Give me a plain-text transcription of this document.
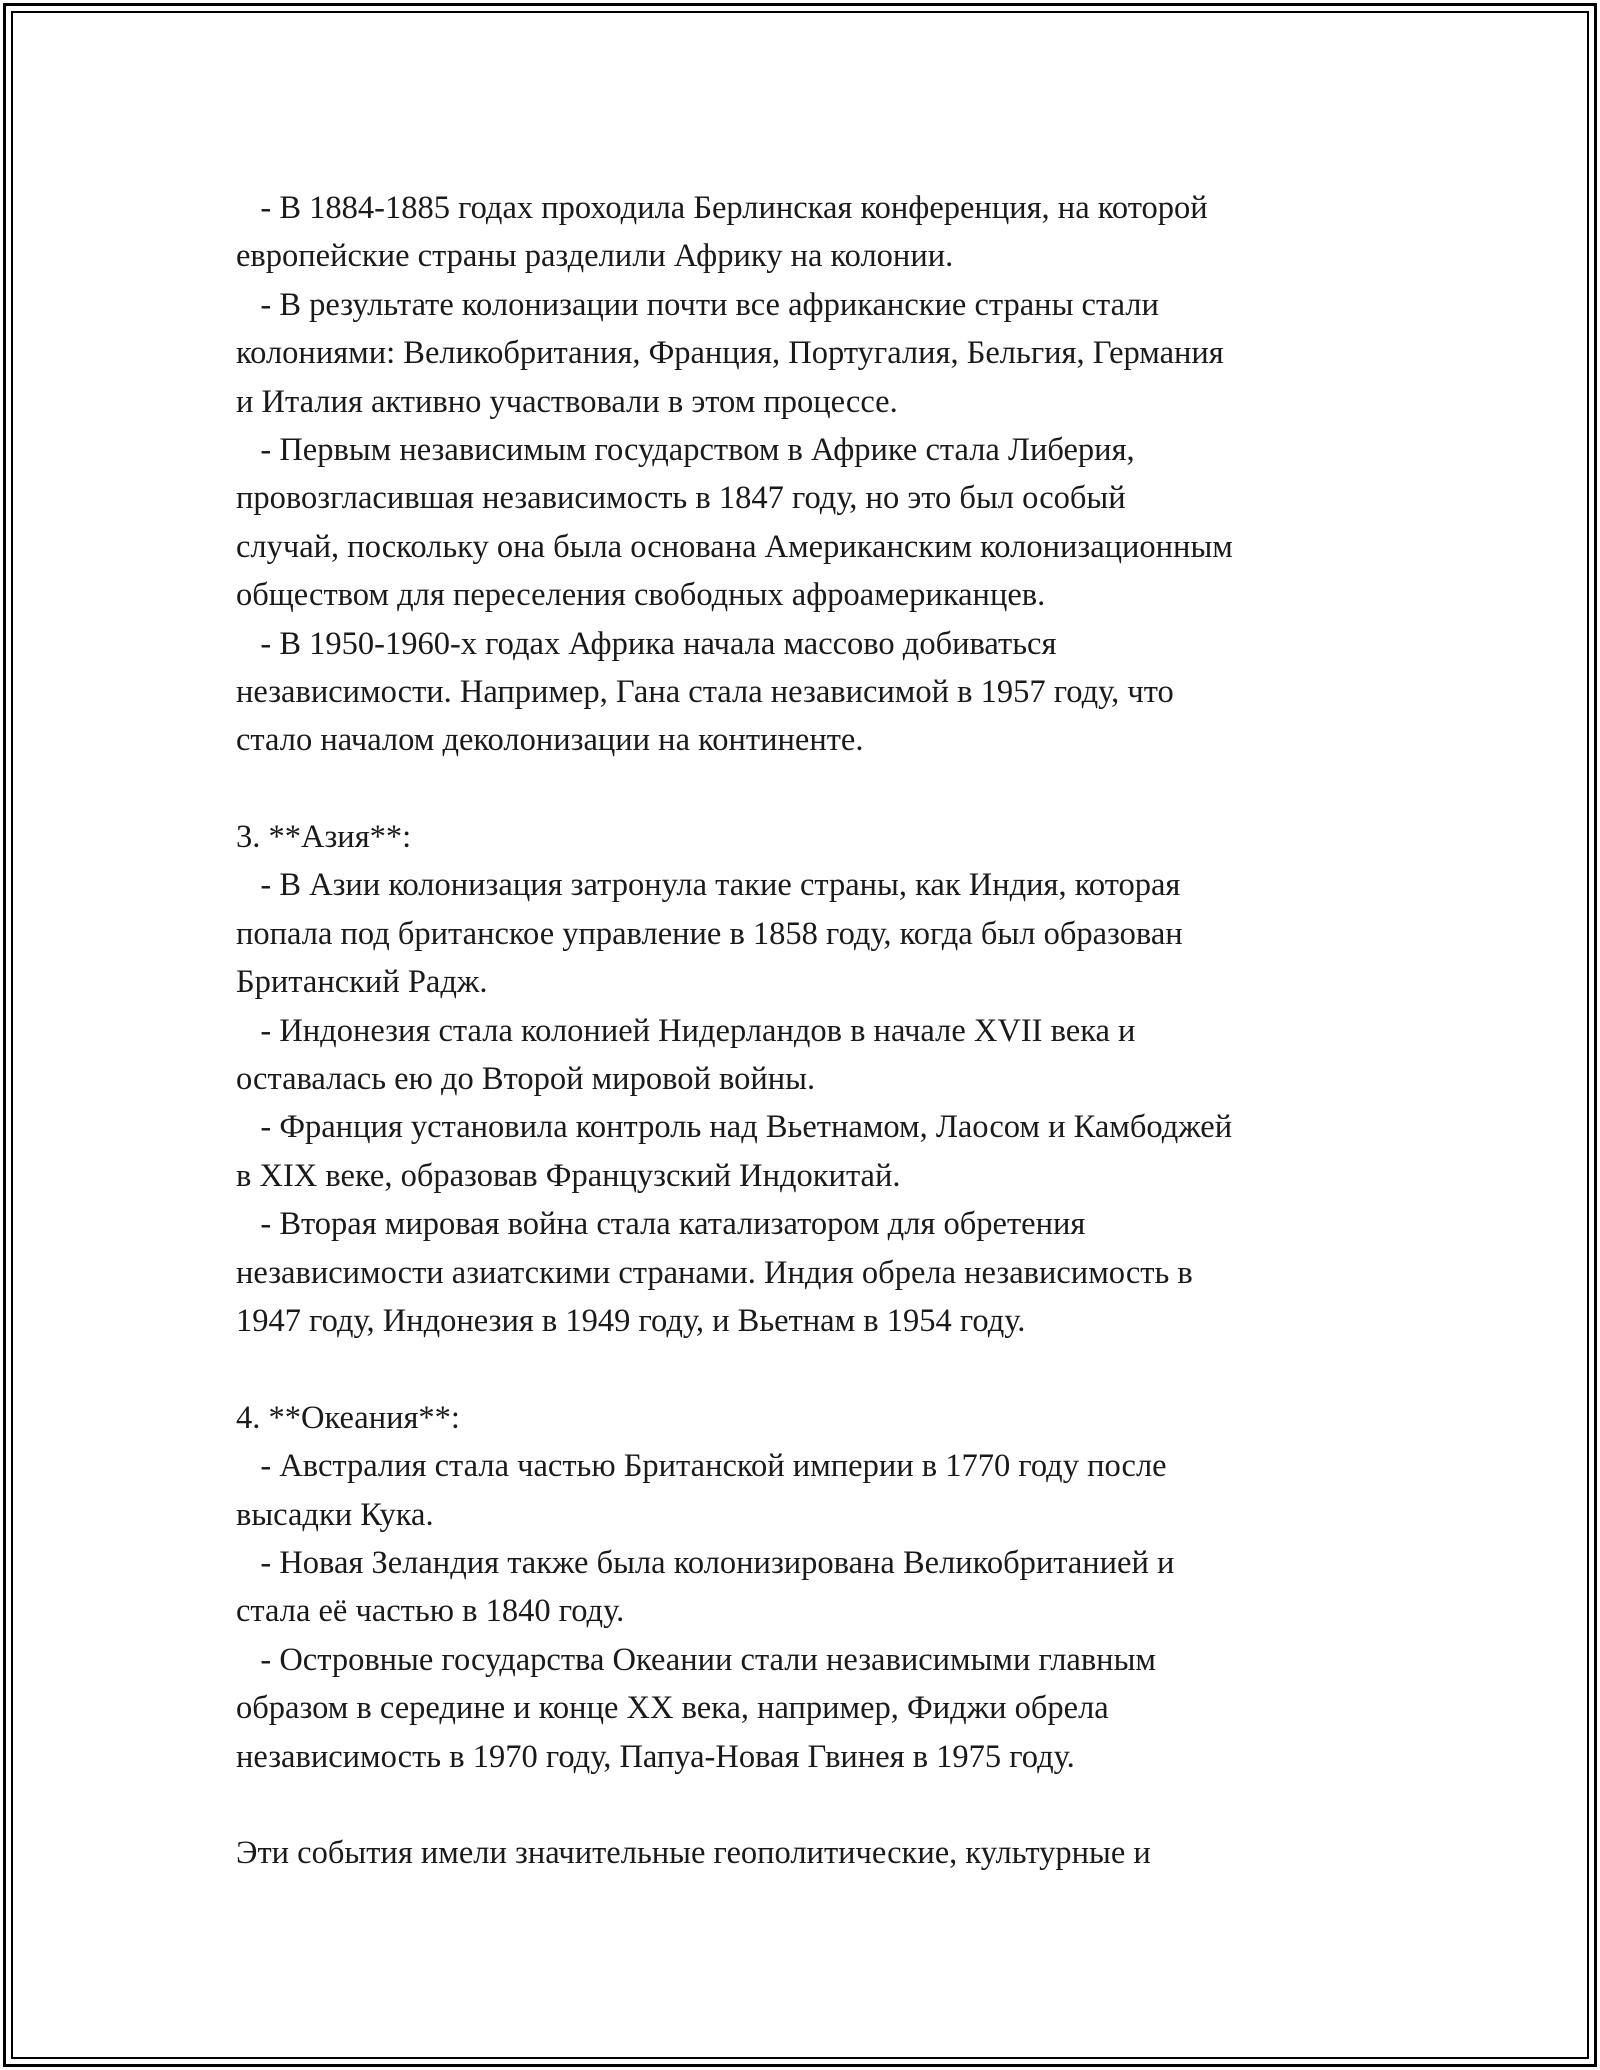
- В 1884-1885 годах проходила Берлинская конференция, на которой
европейские страны разделили Африку на колонии.
- В результате колонизации почти все африканские страны стали
колониями: Великобритания, Франция, Португалия, Бельгия, Германия
и Италия активно участвовали в этом процессе.
- Первым независимым государством в Африке стала Либерия,
провозгласившая независимость в 1847 году, но это был особый
случай, поскольку она была основана Американским колонизационным
обществом для переселения свободных афроамериканцев.
- В 1950-1960-х годах Африка начала массово добиваться
независимости. Например, Гана стала независимой в 1957 году, что
стало началом деколонизации на континенте.
3. **Азия**:
- В Азии колонизация затронула такие страны, как Индия, которая
попала под британское управление в 1858 году, когда был образован
Британский Радж.
- Индонезия стала колонией Нидерландов в начале XVII века и
оставалась ею до Второй мировой войны.
- Франция установила контроль над Вьетнамом, Лаосом и Камбоджей
в XIX веке, образовав Французский Индокитай.
- Вторая мировая война стала катализатором для обретения
независимости азиатскими странами. Индия обрела независимость в
1947 году, Индонезия в 1949 году, и Вьетнам в 1954 году.
4. **Океания**:
- Австралия стала частью Британской империи в 1770 году после
высадки Кука.
- Новая Зеландия также была колонизирована Великобританией и
стала её частью в 1840 году.
- Островные государства Океании стали независимыми главным
образом в середине и конце XX века, например, Фиджи обрела
независимость в 1970 году, Папуа-Новая Гвинея в 1975 году.
Эти события имели значительные геополитические, культурные и
